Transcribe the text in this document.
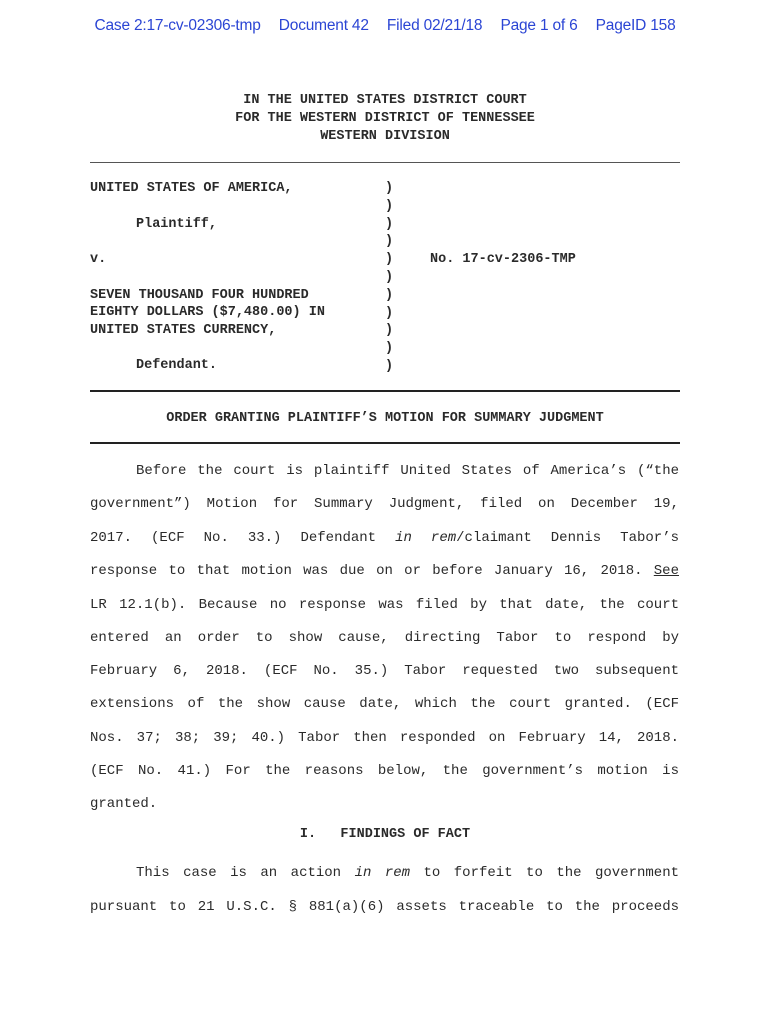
Case 2:17-cv-02306-tmp Document 42 Filed 02/21/18 Page 1 of 6 PageID 158
IN THE UNITED STATES DISTRICT COURT
FOR THE WESTERN DISTRICT OF TENNESSEE
WESTERN DIVISION
UNITED STATES OF AMERICA,
Plaintiff,
v.
SEVEN THOUSAND FOUR HUNDRED
EIGHTY DOLLARS ($7,480.00) IN
UNITED STATES CURRENCY,
Defendant.
)
)
)
)
)
)
)
)
)
)
)
No. 17-cv-2306-TMP
ORDER GRANTING PLAINTIFF’S MOTION FOR SUMMARY JUDGMENT
Before the court is plaintiff United States of America’s (“the
government”) Motion for Summary Judgment, filed on December 19,
2017. (ECF No. 33.) Defendant in rem/claimant Dennis Tabor’s
response to that motion was due on or before January 16, 2018. See
LR 12.1(b). Because no response was filed by that date, the court
entered an order to show cause, directing Tabor to respond by
February 6, 2018. (ECF No. 35.) Tabor requested two subsequent
extensions of the show cause date, which the court granted. (ECF
Nos. 37; 38; 39; 40.) Tabor then responded on February 14, 2018.
(ECF No. 41.) For the reasons below, the government’s motion is
granted.
I.   FINDINGS OF FACT
This case is an action in rem to forfeit to the government
pursuant to 21 U.S.C. § 881(a)(6) assets traceable to the proceeds
